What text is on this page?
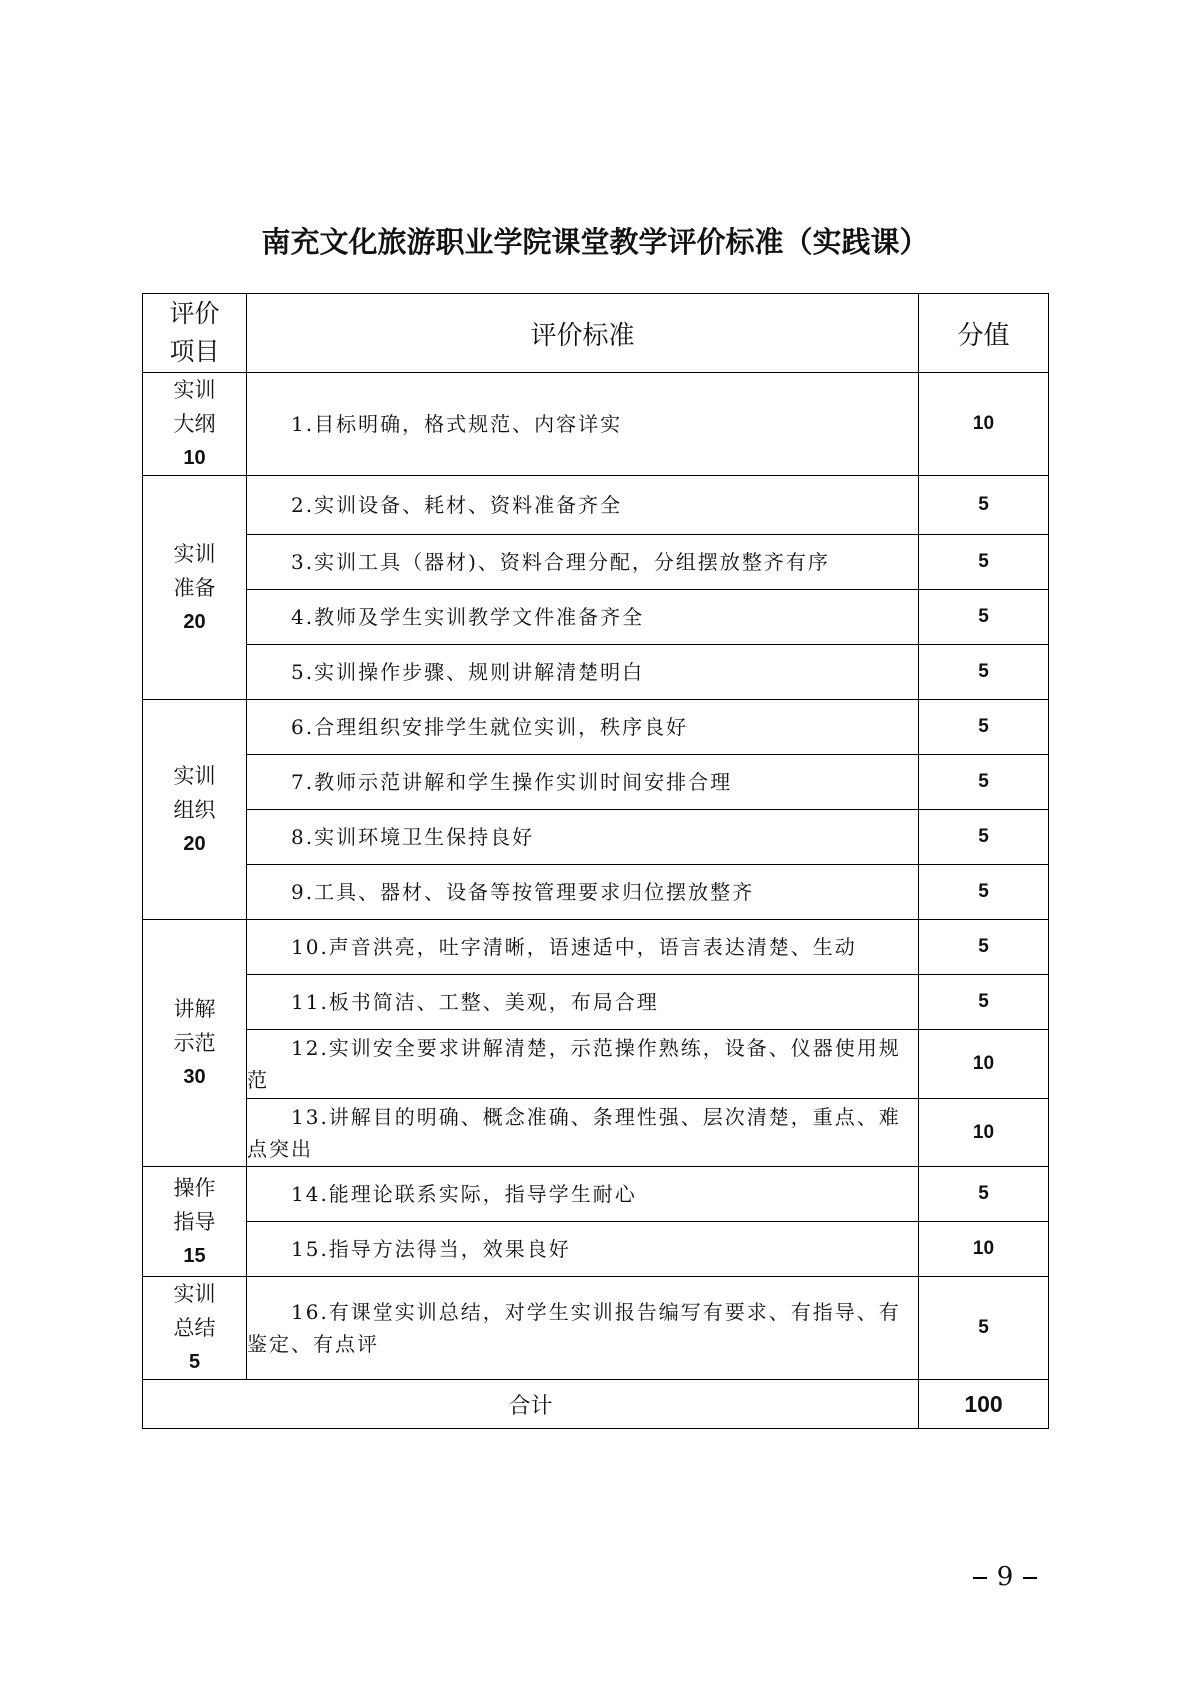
南充文化旅游职业学院课堂教学评价标准（实践课）
评价
项目	评价标准	分值

实训
大纲
10	1.目标明确，格式规范、内容详实	10

实训
准备
20	2.实训设备、耗材、资料准备齐全	5
	3.实训工具（器材)、资料合理分配，分组摆放整齐有序	5
	4.教师及学生实训教学文件准备齐全	5
	5.实训操作步骤、规则讲解清楚明白	5

实训
组织
20	6.合理组织安排学生就位实训，秩序良好	5
	7.教师示范讲解和学生操作实训时间安排合理	5
	8.实训环境卫生保持良好	5
	9.工具、器材、设备等按管理要求归位摆放整齐	5

讲解
示范
30	10.声音洪亮，吐字清晰，语速适中，语言表达清楚、生动	5
	11.板书简洁、工整、美观，布局合理	5
	12.实训安全要求讲解清楚，示范操作熟练，设备、仪器使用规范	10
	13.讲解目的明确、概念准确、条理性强、层次清楚，重点、难点突出	10

操作
指导
15	14.能理论联系实际，指导学生耐心	5
	15.指导方法得当，效果良好	10

实训
总结
5	16.有课堂实训总结，对学生实训报告编写有要求、有指导、有鉴定、有点评	5
合计		100
9
